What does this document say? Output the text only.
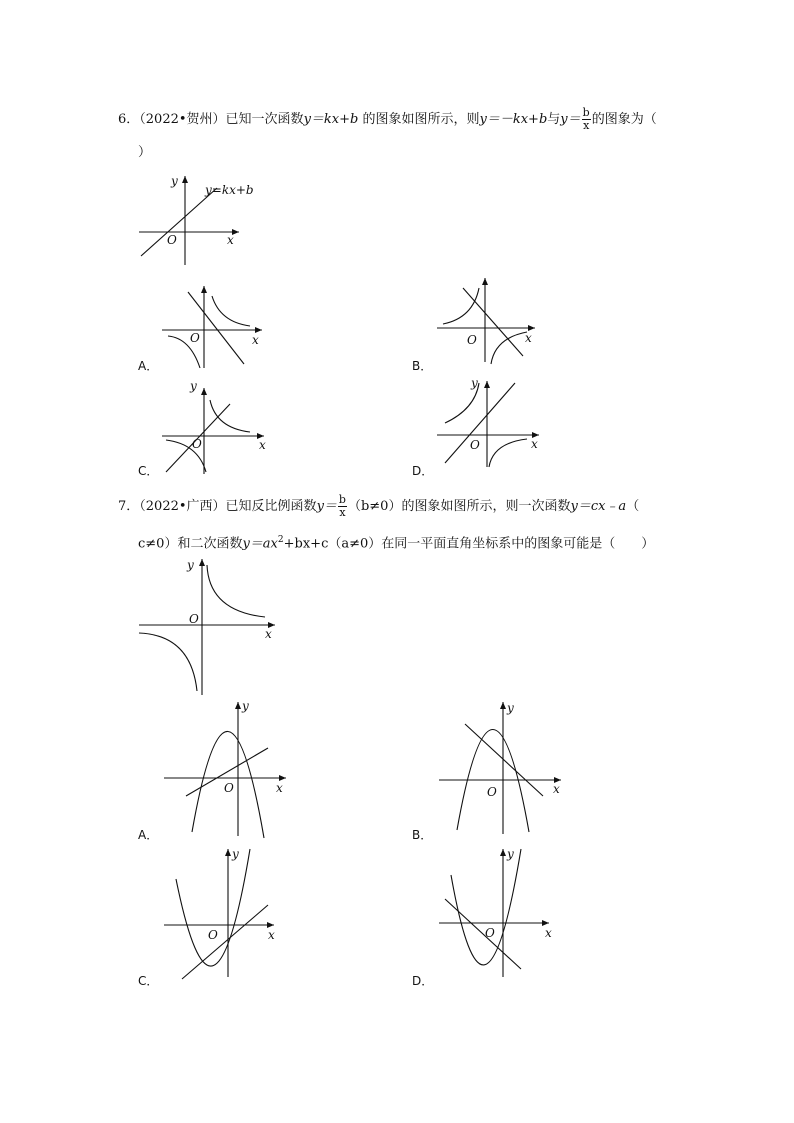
6．（2022•贺州）已知一次函数y＝kx+b 的图象如图所示，则y＝－kx+b与$y= \frac{b}{x}$ 的图象为（
）
x
y
O
y=kx+b
x
O
A．
x
O
B．
x
y
O
C．
x
y
O
D．
7．（2022•广西）已知反比例函数$y= \frac{b}{x} (b\ne 0)$的图象如图所示，则一次函数y＝cx﹣a（
c≠0）和二次函数$y=ax^2+bx+c(a\ne 0)$在同一平面直角坐标系中的图象可能是（　　）
x
y
O
x
y
O
A．
x
y
O
B．
x
y
O
C．
x
y
O
D．
